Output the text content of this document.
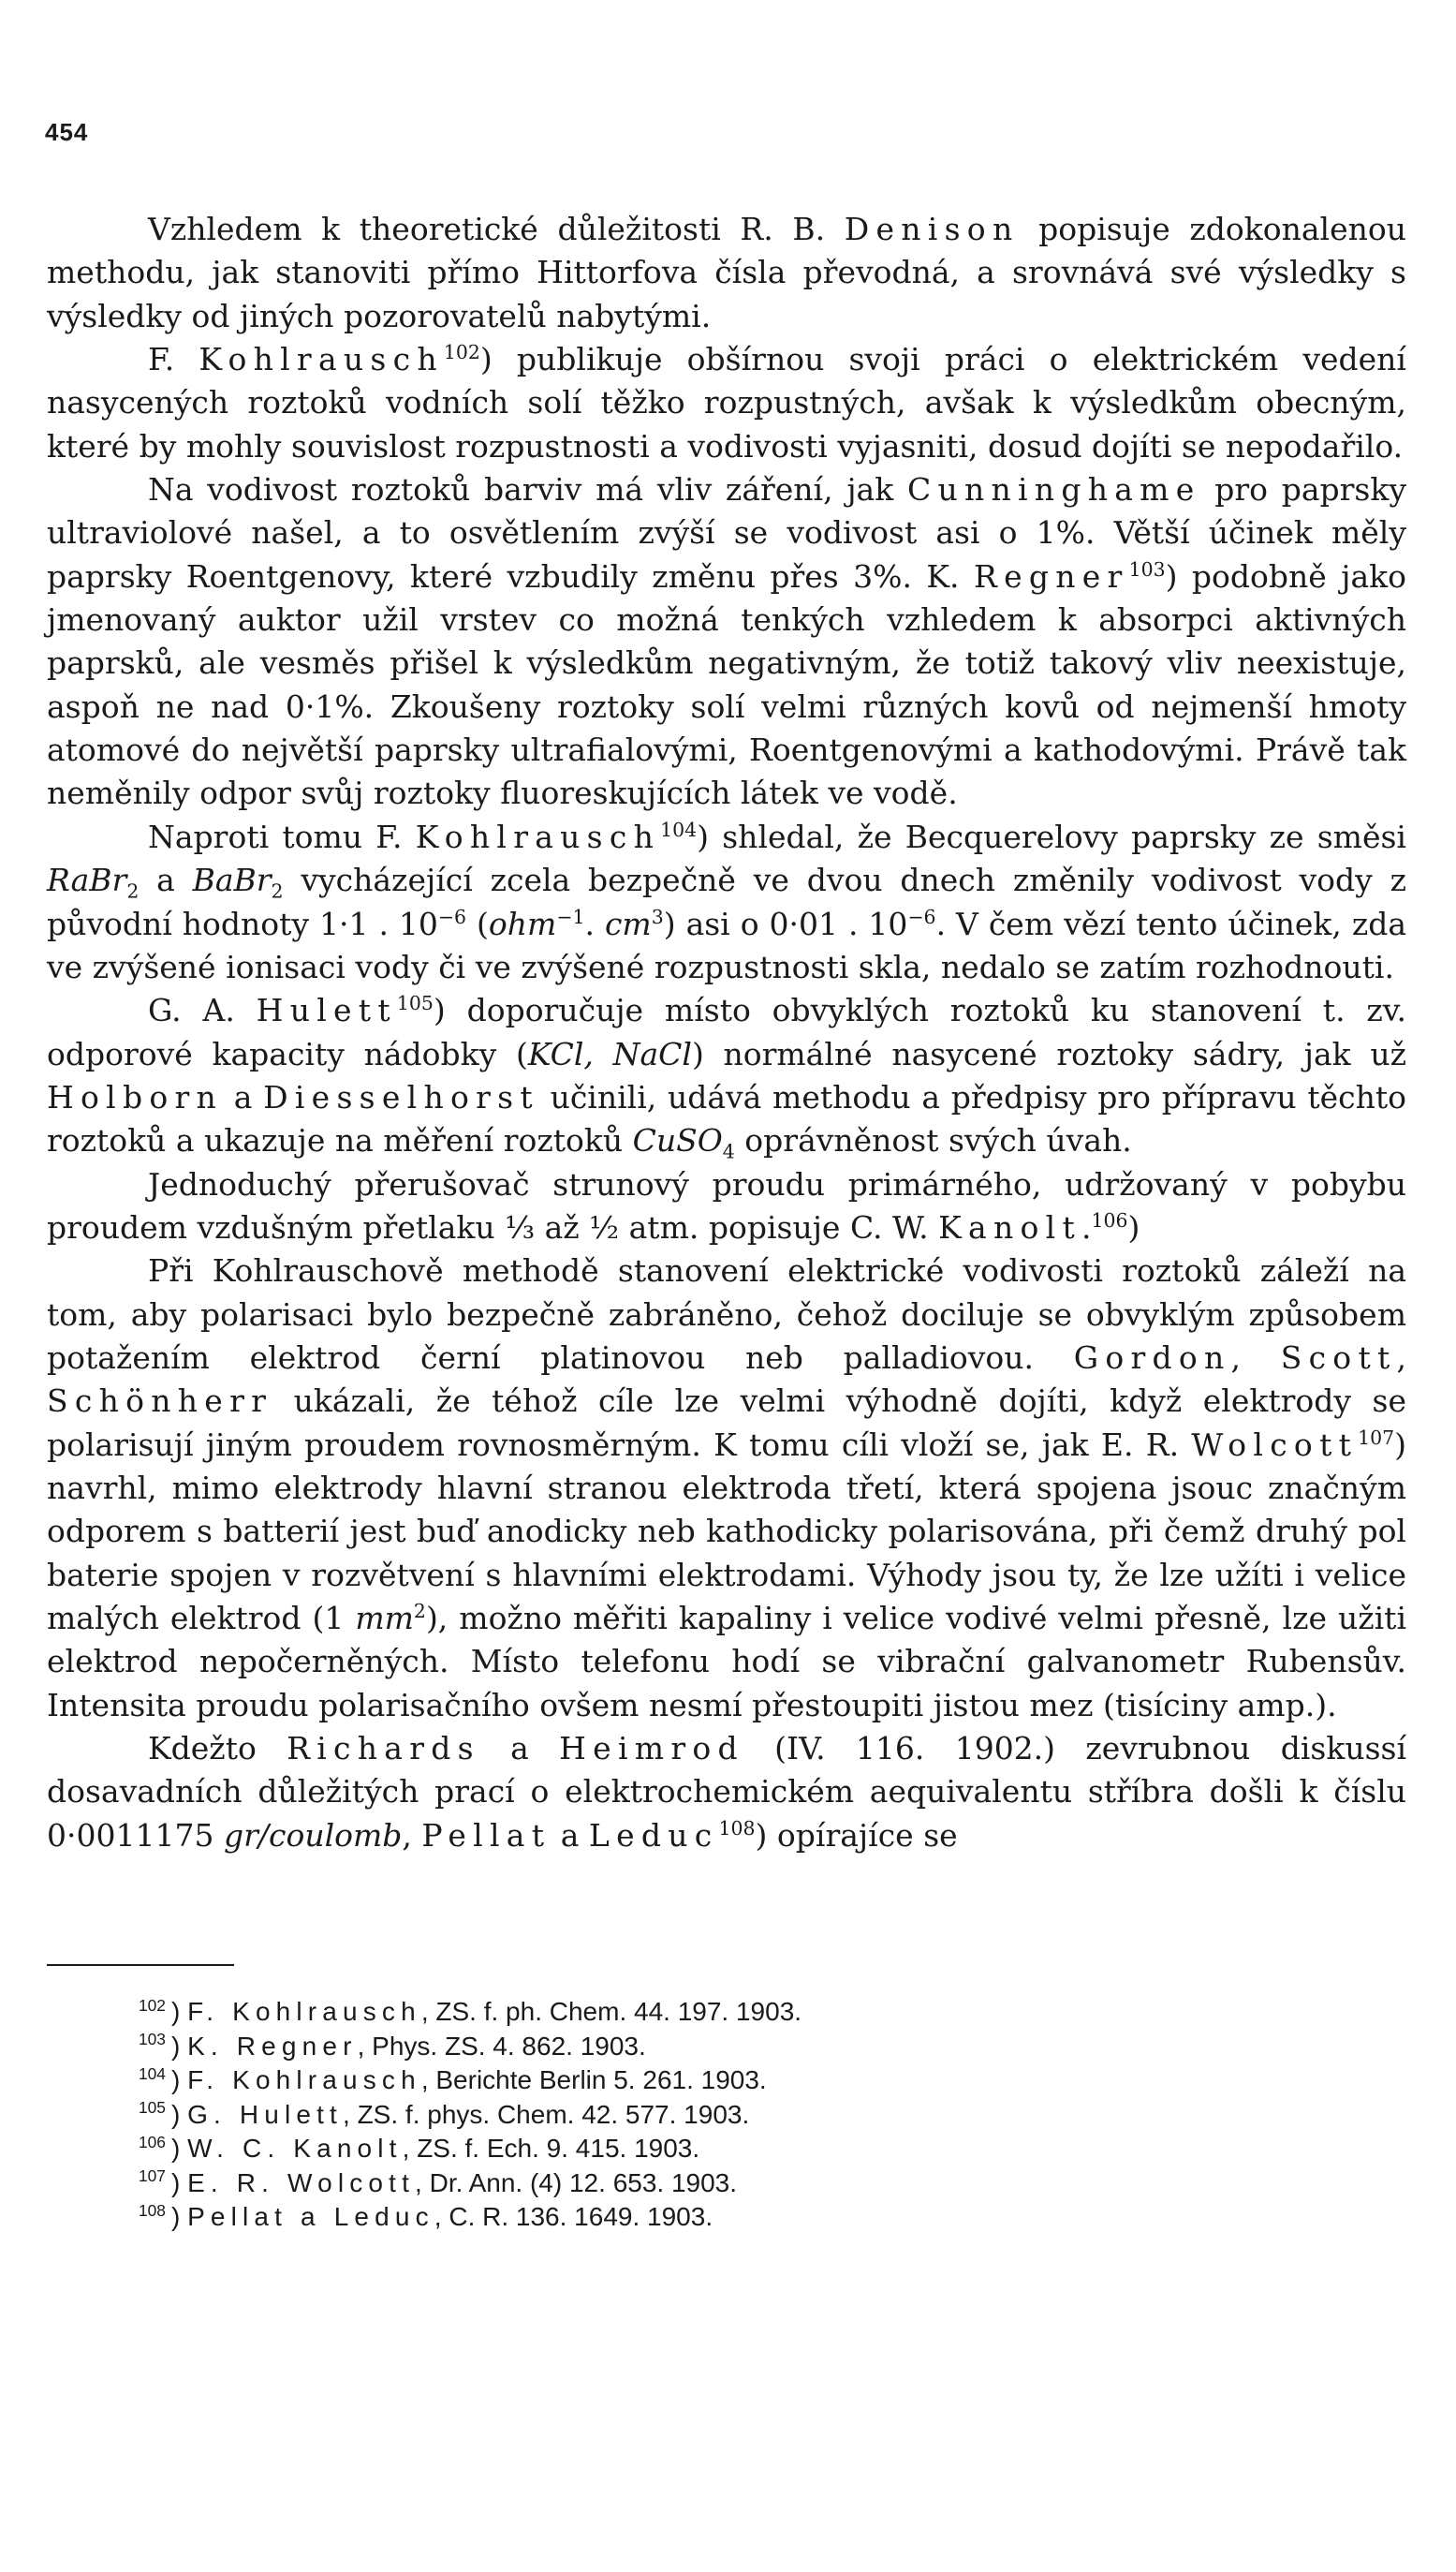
454

Vzhledem k theoretické důležitosti R. B. Denison popisuje zdokonalenou methodu, jak stanoviti přímo Hittorfova čísla převodná, a srovnává své výsledky s výsledky od jiných pozorovatelů nabytými.

F. Kohlrausch$^{102}$) publikuje obšírnou svoji práci o elektrickém vedení nasycených roztoků vodních solí těžko rozpustných, avšak k výsledkům obecným, které by mohly souvislost rozpustnosti a vodivosti vyjasniti, dosud dojíti se nepodařilo.

Na vodivost roztoků barviv má vliv záření, jak Cunninghame pro paprsky ultraviolové našel, a to osvětlením zvýší se vodivost asi o 1%. Větší účinek měly paprsky Roentgenovy, které vzbudily změnu přes 3%. K. Regner$^{103}$) podobně jako jmenovaný auktor užil vrstev co možná tenkých vzhledem k absorpci aktivných paprsků, ale vesměs přišel k výsledkům negativným, že totiž takový vliv neexistuje, aspoň ne nad 0·1%. Zkoušeny roztoky solí velmi různých kovů od nejmenší hmoty atomové do největší paprsky ultrafialovými, Roentgenovými a kathodovými. Právě tak neměnily odpor svůj roztoky fluoreskujících látek ve vodě.

Naproti tomu F. Kohlrausch$^{104}$) shledal, že Becquerelovy paprsky ze směsi RaBr$_2$ a BaBr$_2$ vycházející zcela bezpečně ve dvou dnech změnily vodivost vody z původní hodnoty 1·1 . $10^{-6}$ (ohm$^{-1}$. $cm^3$) asi o 0·01 . $10^{-6}$. V čem vězí tento účinek, zda ve zvýšené ionisaci vody či ve zvýšené rozpustnosti skla, nedalo se zatím rozhodnouti.

G. A. Hulett$^{105}$) doporučuje místo obvyklých roztoků ku stanovení t. zv. odporové kapacity nádobky (KCl, NaCl) normálné nasycené roztoky sádry, jak už Holborn a Diesselhorst učinili, udává methodu a předpisy pro přípravu těchto roztoků a ukazuje na měření roztoků CuSO$_4$ oprávněnost svých úvah.

Jednoduchý přerušovač strunový proudu primárného, udržovaný v pobybu proudem vzdušným přetlaku ⅓ až ½ atm. popisuje C. W. Kanolt.$^{106}$)

Při Kohlrauschově methodě stanovení elektrické vodivosti roztoků záleží na tom, aby polarisaci bylo bezpečně zabráněno, čehož dociluje se obvyklým způsobem potažením elektrod černí platinovou neb palladiovou. Gordon, Scott, Schönherr ukázali, že téhož cíle lze velmi výhodně dojíti, když elektrody se polarisují jiným proudem rovnosměrným. K tomu cíli vloží se, jak E. R. Wolcott$^{107}$) navrhl, mimo elektrody hlavní stranou elektroda třetí, která spojena jsouc značným odporem s batterií jest buď anodicky neb kathodicky polarisována, při čemž druhý pol baterie spojen v rozvětvení s hlavními elektrodami. Výhody jsou ty, že lze užíti i velice malých elektrod (1 $mm^2$), možno měřiti kapaliny i velice vodivé velmi přesně, lze užiti elektrod nepočerněných. Místo telefonu hodí se vibrační galvanometr Rubensův. Intensita proudu polarisačního ovšem nesmí přestoupiti jistou mez (tisíciny amp.).

Kdežto Richards a Heimrod (IV. 116. 1902.) zevrubnou diskussí dosavadních důležitých prací o elektrochemickém aequivalentu stříbra došli k číslu 0·0011175 gr/coulomb, Pellat a Leduc$^{108}$) opírajíce se

$^{102}$ ) F. Kohlrausch, ZS. f. ph. Chem. 44. 197. 1903.
$^{103}$ ) K. Regner, Phys. ZS. 4. 862. 1903.
$^{104}$ ) F. Kohlrausch, Berichte Berlin 5. 261. 1903.
$^{105}$ ) G. Hulett, ZS. f. phys. Chem. 42. 577. 1903.
$^{106}$ ) W. C. Kanolt, ZS. f. Ech. 9. 415. 1903.
$^{107}$ ) E. R. Wolcott, Dr. Ann. (4) 12. 653. 1903.
$^{108}$ ) Pellat a Leduc, C. R. 136. 1649. 1903.
